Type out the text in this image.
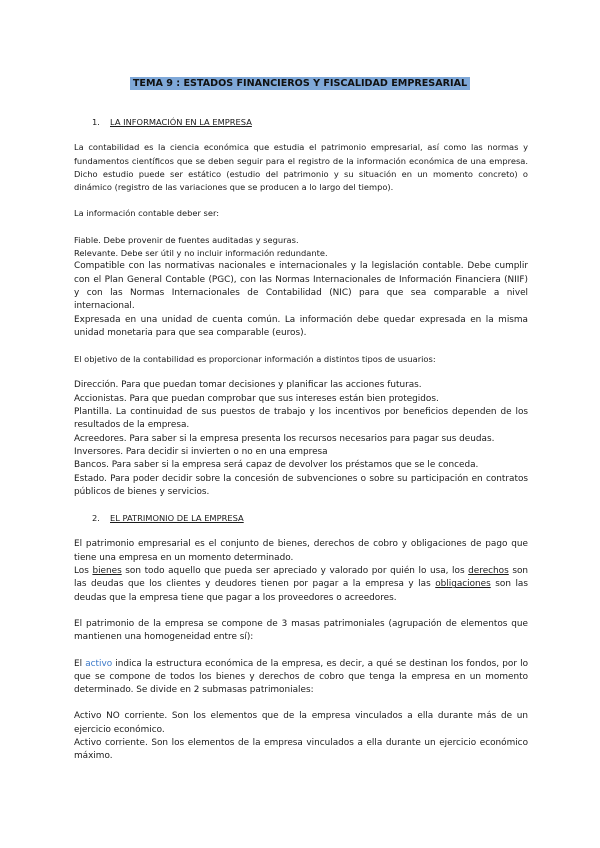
TEMA 9 : ESTADOS FINANCIEROS Y FISCALIDAD EMPRESARIAL

1. LA INFORMACIÓN EN LA EMPRESA

La contabilidad es la ciencia económica que estudia el patrimonio empresarial, así como las normas y fundamentos científicos que se deben seguir para el registro de la información económica de una empresa. Dicho estudio puede ser estático (estudio del patrimonio y su situación en un momento concreto) o dinámico (registro de las variaciones que se producen a lo largo del tiempo).

La información contable deber ser:

Fiable. Debe provenir de fuentes auditadas y seguras.

Relevante. Debe ser útil y no incluir información redundante.

Compatible con las normativas nacionales e internacionales y la legislación contable. Debe cumplir con el Plan General Contable (PGC), con las Normas Internacionales de Información Financiera (NIIF) y con las Normas Internacionales de Contabilidad (NIC) para que sea comparable a nivel internacional.

Expresada en una unidad de cuenta común. La información debe quedar expresada en la misma unidad monetaria para que sea comparable (euros).

El objetivo de la contabilidad es proporcionar información a distintos tipos de usuarios:

Dirección. Para que puedan tomar decisiones y planificar las acciones futuras.

Accionistas. Para que puedan comprobar que sus intereses están bien protegidos.

Plantilla. La continuidad de sus puestos de trabajo y los incentivos por beneficios dependen de los resultados de la empresa.

Acreedores. Para saber si la empresa presenta los recursos necesarios para pagar sus deudas.

Inversores. Para decidir si invierten o no en una empresa

Bancos. Para saber si la empresa será capaz de devolver los préstamos que se le conceda.

Estado. Para poder decidir sobre la concesión de subvenciones o sobre su participación en contratos públicos de bienes y servicios.

2. EL PATRIMONIO DE LA EMPRESA

El patrimonio empresarial es el conjunto de bienes, derechos de cobro y obligaciones de pago que tiene una empresa en un momento determinado.

Los bienes son todo aquello que pueda ser apreciado y valorado por quién lo usa, los derechos son las deudas que los clientes y deudores tienen por pagar a la empresa y las obligaciones son las deudas que la empresa tiene que pagar a los proveedores o acreedores.

El patrimonio de la empresa se compone de 3 masas patrimoniales (agrupación de elementos que mantienen una homogeneidad entre sí):

El activo indica la estructura económica de la empresa, es decir, a qué se destinan los fondos, por lo que se compone de todos los bienes y derechos de cobro que tenga la empresa en un momento determinado. Se divide en 2 submasas patrimoniales:

Activo NO corriente. Son los elementos que de la empresa vinculados a ella durante más de un ejercicio económico.

Activo corriente. Son los elementos de la empresa vinculados a ella durante un ejercicio económico máximo.
